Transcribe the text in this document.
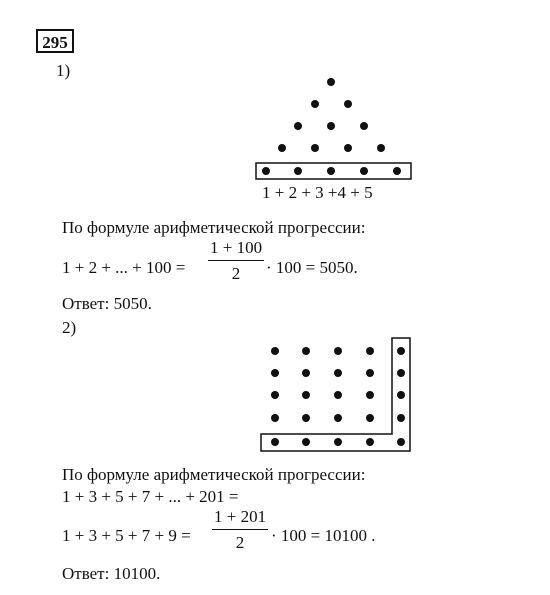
295
1)
1 + 2 + 3 +4 + 5
По формуле арифметической прогрессии:
1 + 2 + ... + $100 = \frac{1 + 100}{2} \cdot 100 = 5050$.
Ответ: 5050.
2)
По формуле арифметической прогрессии:
1 + 3 + 5 + 7 + ... + 201 =
$1 + 3 + 5 + 7 + 9 = \frac{1 + 201}{2} \cdot 100 = 10100$ .
Ответ: 10100.
